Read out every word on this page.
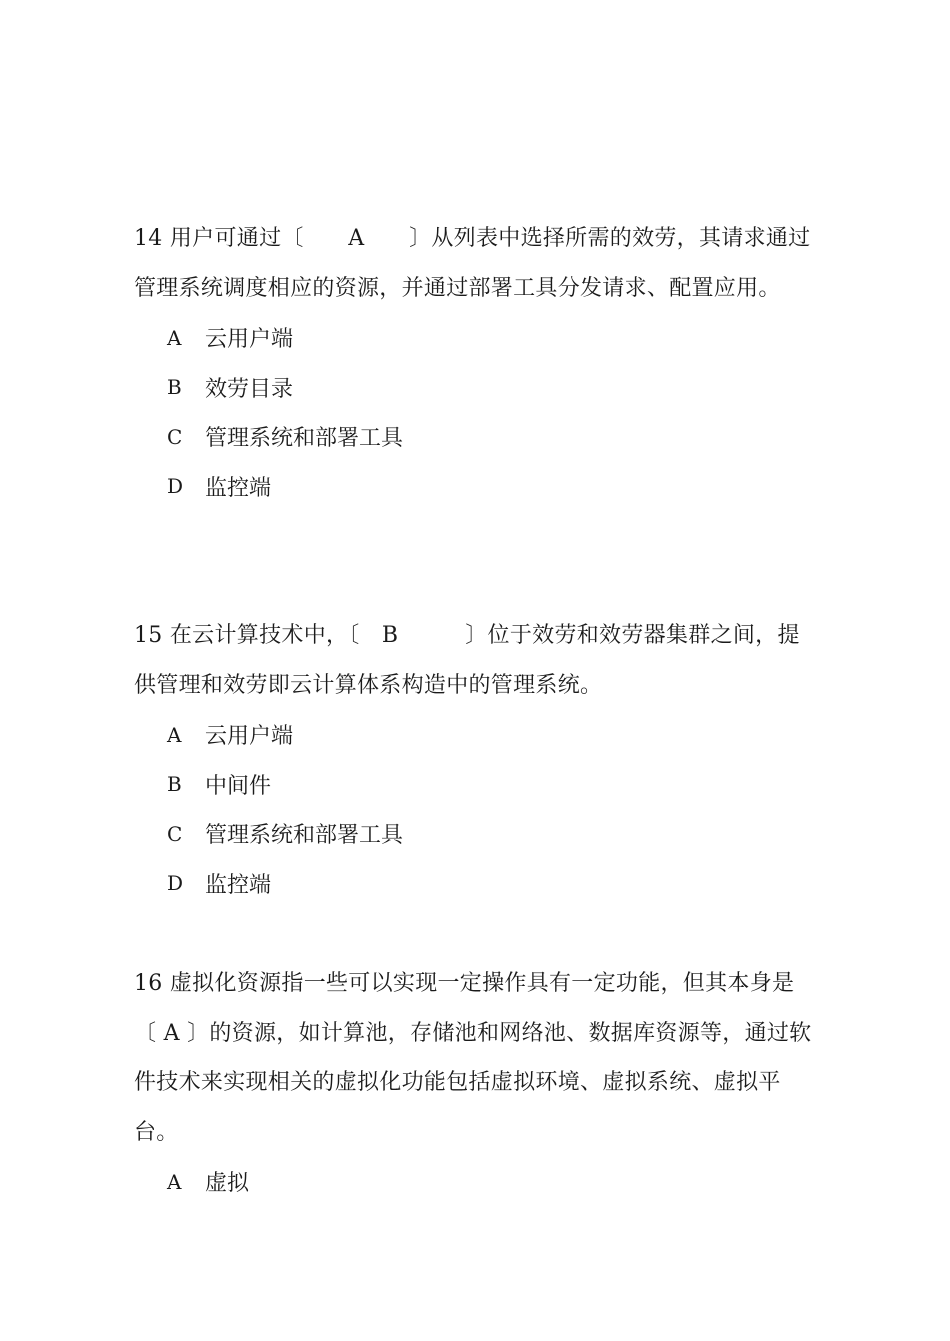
14 用户可通过〔　　A　　〕从列表中选择所需的效劳，其请求通过管理系统调度相应的资源，并通过部署工具分发请求、配置应用。

A	云用户端
B	效劳目录
C	管理系统和部署工具
D 监控端

15 在云计算技术中，〔　B　　　〕位于效劳和效劳器集群之间，提供管理和效劳即云计算体系构造中的管理系统。

A	云用户端
B	中间件
C	管理系统和部署工具
D 监控端

16 虚拟化资源指一些可以实现一定操作具有一定功能，但其本身是〔 A 〕的资源，如计算池，存储池和网络池、数据库资源等，通过软件技术来实现相关的虚拟化功能包括虚拟环境、虚拟系统、虚拟平台。

A	虚拟
